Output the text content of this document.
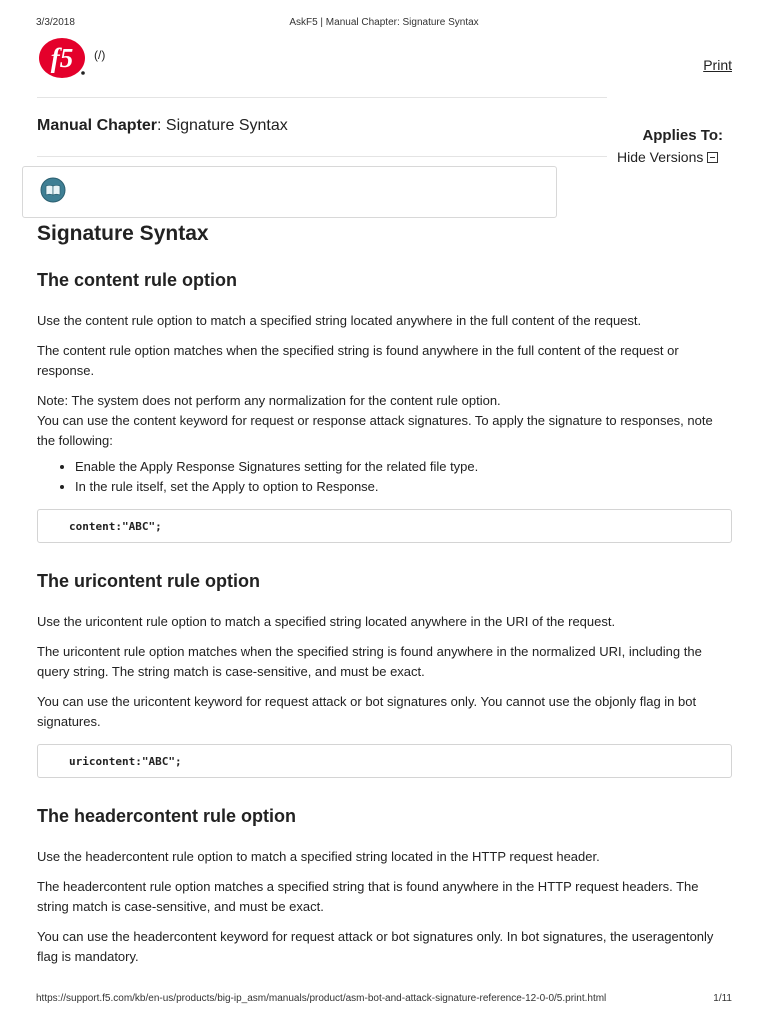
3/3/2018	AskF5 | Manual Chapter: Signature Syntax
f5 (/)
Print
Manual Chapter: Signature Syntax
Applies To:
Hide Versions
Signature Syntax
The content rule option

Use the content rule option to match a specified string located anywhere in the full content of the request.

The content rule option matches when the specified string is found anywhere in the full content of the request or response.

Note: The system does not perform any normalization for the content rule option.
You can use the content keyword for request or response attack signatures. To apply the signature to responses, note the following:

• Enable the Apply Response Signatures setting for the related file type.
• In the rule itself, set the Apply to option to Response.
content:"ABC";
The uricontent rule option

Use the uricontent rule option to match a specified string located anywhere in the URI of the request.

The uricontent rule option matches when the specified string is found anywhere in the normalized URI, including the query string. The string match is case-sensitive, and must be exact.

You can use the uricontent keyword for request attack or bot signatures only. You cannot use the objonly flag in bot signatures.

uricontent:"ABC";
The headercontent rule option

Use the headercontent rule option to match a specified string located in the HTTP request header.

The headercontent rule option matches a specified string that is found anywhere in the HTTP request headers. The string match is case-sensitive, and must be exact.

You can use the headercontent keyword for request attack or bot signatures only. In bot signatures, the useragentonly flag is mandatory.

https://support.f5.com/kb/en-us/products/big-ip_asm/manuals/product/asm-bot-and-attack-signature-reference-12-0-0/5.print.html	1/11
